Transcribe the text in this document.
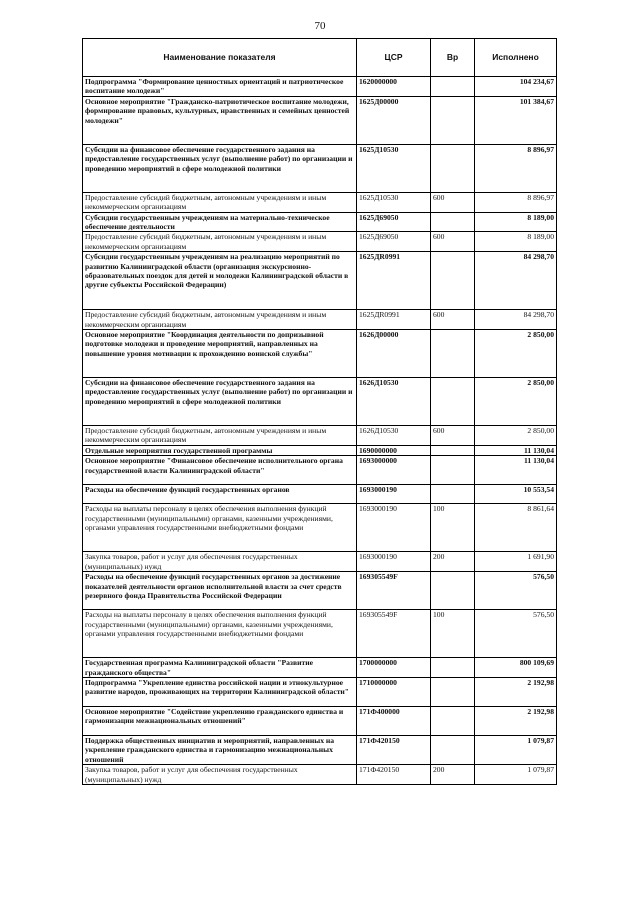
70
Наименование показателя	ЦСР	Вр	Исполнено
Подпрограмма "Формирование ценностных ориентаций и патриотическое воспитание молодежи"	1620000000		104 234,67
Основное мероприятие "Гражданско-патриотическое воспитание молодежи, формирование правовых, культурных, нравственных и семейных ценностей молодежи"	1625Д00000		101 384,67
Субсидии на финансовое обеспечение государственного задания на предоставление государственных услуг (выполнение работ) по организации и проведению мероприятий в сфере молодежной политики	1625Д10530		8 896,97
Предоставление субсидий бюджетным, автономным учреждениям и иным некоммерческим организациям	1625Д10530	600	8 896,97
Субсидии государственным учреждениям на материально-техническое обеспечение деятельности	1625Д69050		8 189,00
Предоставление субсидий бюджетным, автономным учреждениям и иным некоммерческим организациям	1625Д69050	600	8 189,00
Субсидии государственным учреждениям на реализацию мероприятий по развитию Калининградской области (организация экскурсионно-образовательных поездок для детей и молодежи Калининградской области в другие субъекты Российской Федерации)	1625ДR0991		84 298,70
Предоставление субсидий бюджетным, автономным учреждениям и иным некоммерческим организациям	1625ДR0991	600	84 298,70
Основное мероприятие "Координация деятельности по допризывной подготовке молодежи и проведение мероприятий, направленных на повышение уровня мотивации к прохождению воинской службы"	1626Д00000		2 850,00
Субсидии на финансовое обеспечение государственного задания на предоставление государственных услуг (выполнение работ) по организации и проведению мероприятий в сфере молодежной политики	1626Д10530		2 850,00
Предоставление субсидий бюджетным, автономным учреждениям и иным некоммерческим организациям	1626Д10530	600	2 850,00
Отдельные мероприятия государственной программы	1690000000		11 130,04
Основное мероприятие "Финансовое обеспечение исполнительного органа государственной власти Калининградской области"	1693000000		11 130,04
Расходы на обеспечение функций государственных органов	1693000190		10 553,54
Расходы на выплаты персоналу в целях обеспечения выполнения функций государственными (муниципальными) органами, казенными учреждениями, органами управления государственными внебюджетными фондами	1693000190	100	8 861,64
Закупка товаров, работ и услуг для обеспечения государственных (муниципальных) нужд	1693000190	200	1 691,90
Расходы на обеспечение функций государственных органов за достижение показателей деятельности органов исполнительной власти за счет средств резервного фонда Правительства Российской Федерации	169305549F		576,50
Расходы на выплаты персоналу в целях обеспечения выполнения функций государственными (муниципальными) органами, казенными учреждениями, органами управления государственными внебюджетными фондами	169305549F	100	576,50
Государственная программа Калининградской области "Развитие гражданского общества"	1700000000		800 109,69
Подпрограмма "Укрепление единства российской нации и этнокультурное развитие народов, проживающих на территории Калининградской области"	1710000000		2 192,98
Основное мероприятие "Содействие укреплению гражданского единства и гармонизации межнациональных отношений"	171Ф400000		2 192,98
Поддержка общественных инициатив и мероприятий, направленных на укрепление гражданского единства и гармонизацию межнациональных отношений	171Ф420150		1 079,87
Закупка товаров, работ и услуг для обеспечения государственных (муниципальных) нужд	171Ф420150	200	1 079,87
